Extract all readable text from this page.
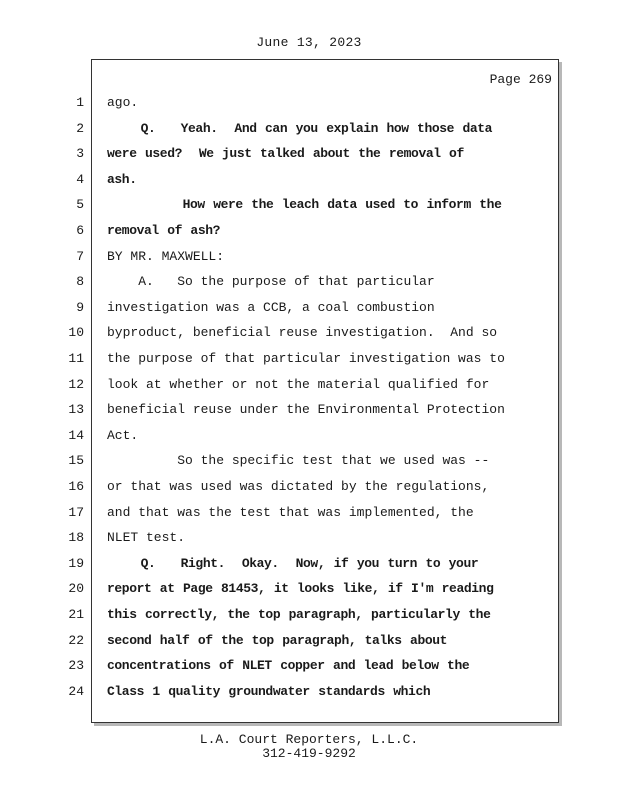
June 13, 2023
Page 269
1 ago.
2 Q.   Yeah.  And can you explain how those data
3 were used?  We just talked about the removal of
4 ash.
5 How were the leach data used to inform the
6 removal of ash?
7 BY MR. MAXWELL:
8 A.   So the purpose of that particular
9 investigation was a CCB, a coal combustion
10 byproduct, beneficial reuse investigation.  And so
11 the purpose of that particular investigation was to
12 look at whether or not the material qualified for
13 beneficial reuse under the Environmental Protection
14 Act.
15 So the specific test that we used was --
16 or that was used was dictated by the regulations,
17 and that was the test that was implemented, the
18 NLET test.
19 Q.   Right.  Okay.  Now, if you turn to your
20 report at Page 81453, it looks like, if I'm reading
21 this correctly, the top paragraph, particularly the
22 second half of the top paragraph, talks about
23 concentrations of NLET copper and lead below the
24 Class 1 quality groundwater standards which
L.A. Court Reporters, L.L.C.
312-419-9292
